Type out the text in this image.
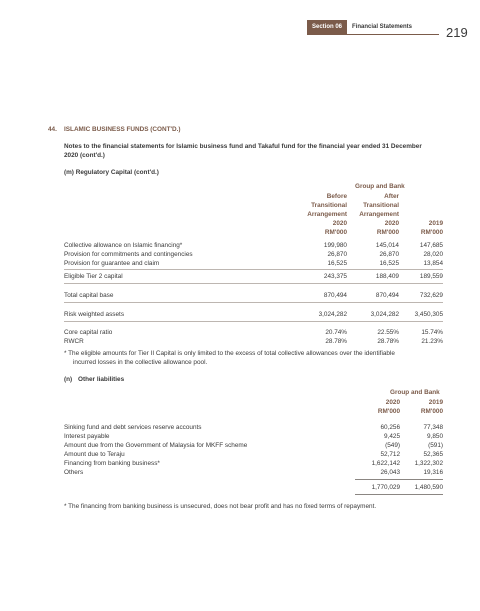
Section 06	Financial Statements	219
44. ISLAMIC BUSINESS FUNDS (CONT'D.)
Notes to the financial statements for Islamic business fund and Takaful fund for the financial year ended 31 December
2020 (cont'd.)
(m) Regulatory Capital (cont'd.)
Group and Bank
Before
Transitional
Arrangement
2020
RM'000
After
Transitional
Arrangement
2020
RM'000
2019
RM'000
Collective allowance on Islamic financing*	199,980	145,014	147,685
Provision for commitments and contingencies	26,870	26,870	28,020
Provision for guarantee and claim	16,525	16,525	13,854
Eligible Tier 2 capital	243,375	188,409	189,559
Total capital base	870,494	870,494	732,629
Risk weighted assets	3,024,282	3,024,282	3,450,305
Core capital ratio	20.74%	22.55%	15.74%
RWCR	28.78%	28.78%	21.23%
* The eligible amounts for Tier II Capital is only limited to the excess of total collective allowances over the identifiable
incurred losses in the collective allowance pool.
(n) Other liabilities
Group and Bank
2020
RM'000
2019
RM'000
Sinking fund and debt services reserve accounts	60,256	77,348
Interest payable	9,425	9,850
Amount due from the Government of Malaysia for MKFF scheme	(549)	(591)
Amount due to Teraju	52,712	52,365
Financing from banking business*	1,622,142	1,322,302
Others	26,043	19,316
1,770,029	1,480,590
* The financing from banking business is unsecured, does not bear profit and has no fixed terms of repayment.
